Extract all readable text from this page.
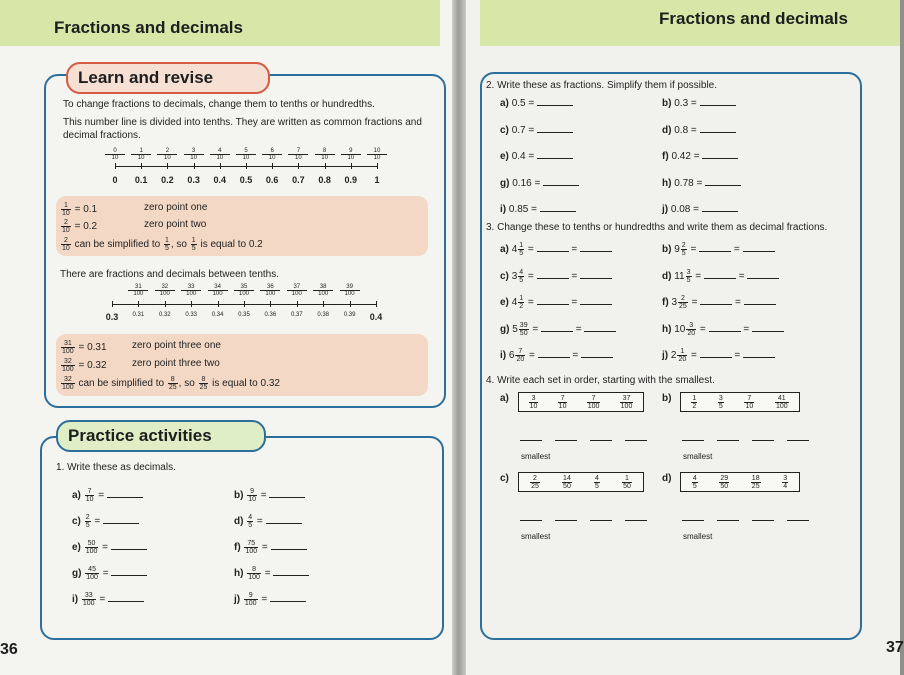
Fractions and decimals
Learn and revise
To change fractions to decimals, change them to tenths or hundredths.
This number line is divided into tenths. They are written as common fractions and decimal fractions.
$\frac{0}{10}$
0
$\frac{1}{10}$
0.1
$\frac{2}{10}$
0.2
$\frac{3}{10}$
0.3
$\frac{4}{10}$
0.4
$\frac{5}{10}$
0.5
$\frac{6}{10}$
0.6
$\frac{7}{10}$
0.7
$\frac{8}{10}$
0.8
$\frac{9}{10}$
0.9
$\frac{10}{10}$
1
$\frac{1}{10} = 0.1$	zero point one
$\frac{2}{10} = 0.2$	zero point two
$\frac{2}{10}$ can be simplified to $\frac{1}{5}$ , so $\frac{1}{5}$ is equal to 0.2
There are fractions and decimals between tenths.
0.3	0.4
$\frac{31}{100}$
0.31
$\frac{32}{100}$
0.32
$\frac{33}{100}$
0.33
$\frac{34}{100}$
0.34
$\frac{35}{100}$
0.35
$\frac{36}{100}$
0.36
$\frac{37}{100}$
0.37
$\frac{38}{100}$
0.38
$\frac{39}{100}$
0.39
$\frac{31}{100} = 0.31$	zero point three one
$\frac{32}{100} = 0.32$	zero point three two
$\frac{32}{100}$ can be simplified to $\frac{8}{25}$ , so $\frac{8}{25}$ is equal to 0.32
Practice activities
1. Write these as decimals.
36
$a) \frac{7}{10}$ =	$b) \frac{9}{10}$ =
$c) \frac{2}{5}$ =	$d) \frac{4}{5}$ =
$e) \frac{50}{100}$ =	$f) \frac{75}{100}$ =
$g) \frac{45}{100}$ =	$h) \frac{8}{100}$ =
$i) \frac{33}{100}$ =	$j) \frac{9}{100}$ =
Fractions and decimals
2. Write these as fractions. Simplify them if possible.
3. Change these to tenths or hundredths and write them as decimal fractions.
4. Write each set in order, starting with the smallest.
37
a) 0.5 =	b) 0.3 =
c) 0.7 =	d) 0.8 =
e) 0.4 =	f) 0.42 =
g) 0.16 =	h) 0.78 =
i) 0.85 =	j) 0.08 =
a) $4 \frac{1}{5}$ =	=	b) $9 \frac{2}{5}$ =	=
c) $3 \frac{4}{5}$ =	=	d) $11 \frac{3}{5}$ =	=
e) $4 \frac{1}{2}$ =	=	f) $3 \frac{2}{25}$ =	=
g) $5 \frac{39}{50}$ =	=	h) $10 \frac{3}{20}$ =	=
i) $6 \frac{7}{20}$ =	=	j) $2 \frac{1}{20}$ =	=
a)	$\frac{3}{10}$	$\frac{7}{10}$	$\frac{7}{100}$	$\frac{37}{100}$
smallest
b)	$\frac{1}{2}$	$\frac{3}{5}$	$\frac{7}{10}$	$\frac{41}{100}$
smallest
c)	$\frac{2}{25}$	$\frac{14}{50}$	$\frac{4}{5}$	$\frac{1}{50}$
smallest
d)	$\frac{4}{5}$	$\frac{29}{50}$	$\frac{18}{25}$	$\frac{3}{4}$
smallest
